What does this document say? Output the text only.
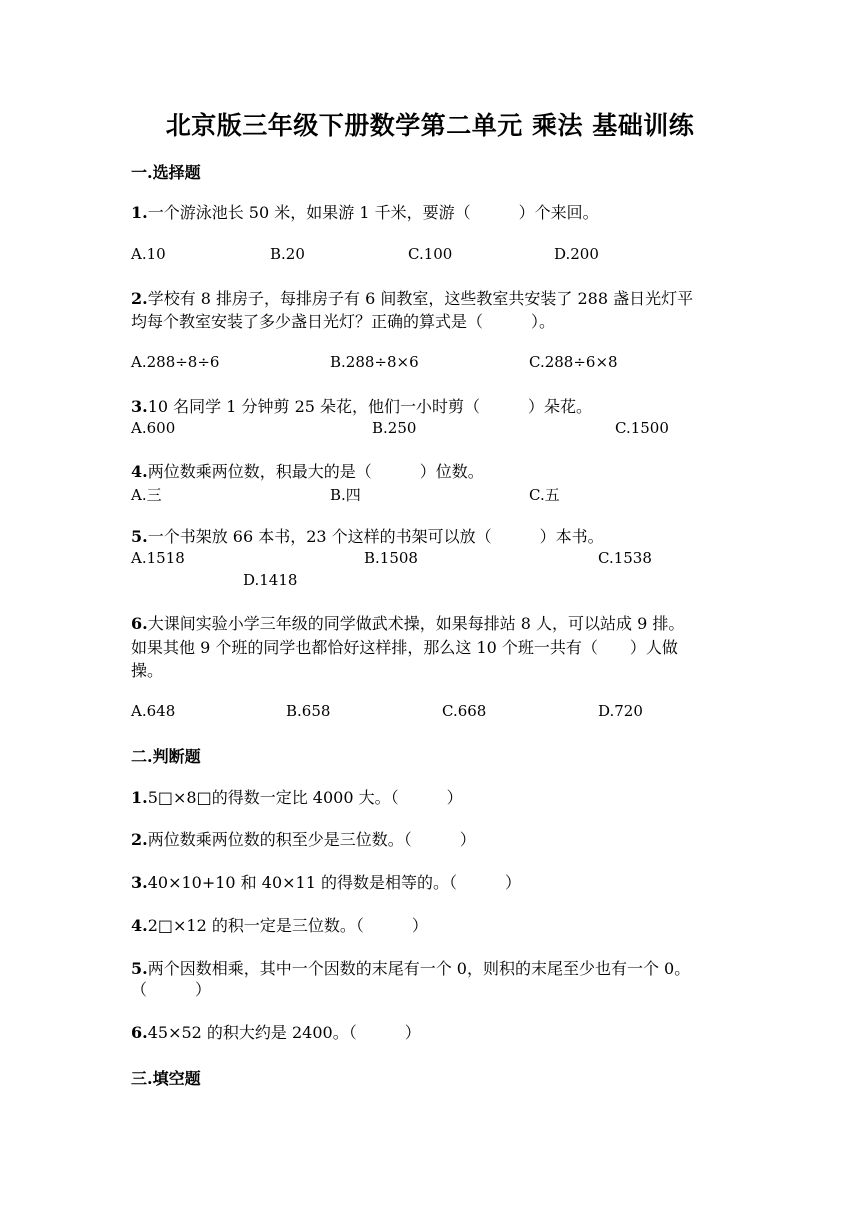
北京版三年级下册数学第二单元 乘法 基础训练
一.选择题
1.一个游泳池长 50 米，如果游 1 千米，要游（　　　）个来回。
A.10	B.20	C.100	D.200
2.学校有 8 排房子，每排房子有 6 间教室，这些教室共安装了 288 盏日光灯平
均每个教室安装了多少盏日光灯？正确的算式是（　　　）。
A.288÷8÷6	B.288÷8×6	C.288÷6×8
3.10 名同学 1 分钟剪 25 朵花，他们一小时剪（　　　）朵花。
A.600	B.250	C.1500
4.两位数乘两位数，积最大的是（　　　）位数。
A.三	B.四	C.五
5.一个书架放 66 本书，23 个这样的书架可以放（　　　）本书。
A.1518	B.1508	C.1538
D.1418
6.大课间实验小学三年级的同学做武术操，如果每排站 8 人，可以站成 9 排。
如果其他 9 个班的同学也都恰好这样排，那么这 10 个班一共有（　　）人做
操。
A.648	B.658	C.668	D.720
二.判断题
1.5□×8□的得数一定比 4000 大。（　　　）
2.两位数乘两位数的积至少是三位数。（　　　）
3.40×10+10 和 40×11 的得数是相等的。（　　　）
4.2□×12 的积一定是三位数。（　　　）
5.两个因数相乘，其中一个因数的末尾有一个 0，则积的末尾至少也有一个 0。
（　　　）
6.45×52 的积大约是 2400。（　　　）
三.填空题
